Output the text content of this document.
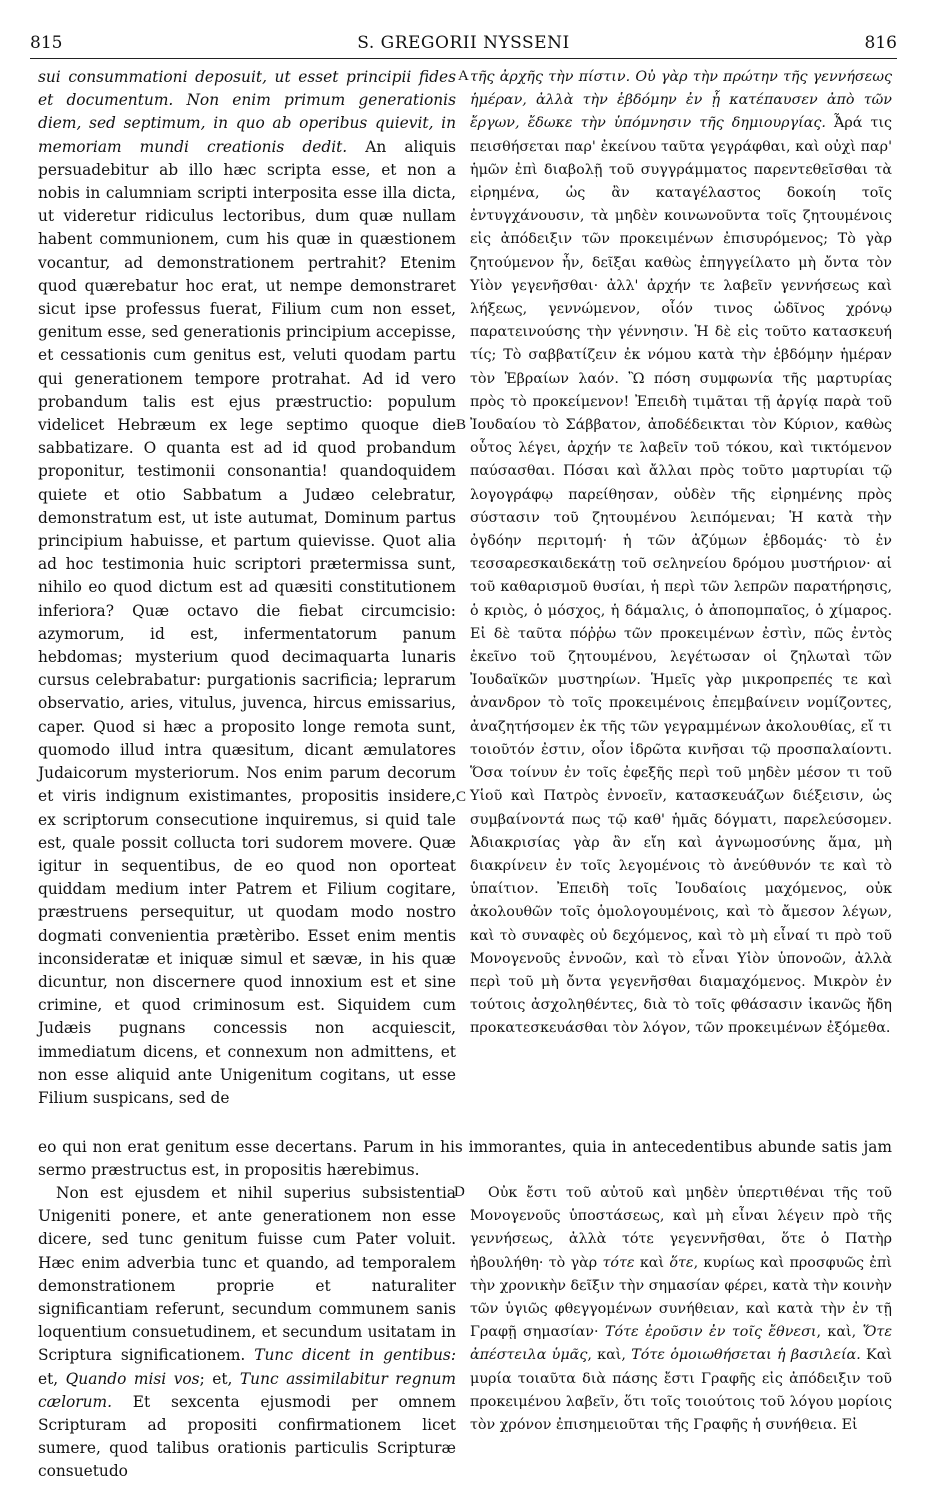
815	S. GREGORII NYSSENI	816
A
B
C
D

sui consummationi deposuit, ut esset principii fides et documentum. Non enim primum generationis diem, sed septimum, in quo ab operibus quievit, in memoriam mundi creationis dedit. An aliquis persuadebitur ab illo hæc scripta esse, et non a nobis in calumniam scripti interposita esse illa dicta, ut videretur ridiculus lectoribus, dum quæ nullam habent communionem, cum his quæ in quæstionem vocantur, ad demonstrationem pertrahit? Etenim quod quærebatur hoc erat, ut nempe demonstraret sicut ipse professus fuerat, Filium cum non esset, genitum esse, sed generationis principium accepisse, et cessationis cum genitus est, veluti quodam partu qui generationem tempore protrahat. Ad id vero probandum talis est ejus præstructio: populum videlicet Hebræum ex lege septimo quoque die sabbatizare. O quanta est ad id quod probandum proponitur, testimonii consonantia! quandoquidem quiete et otio Sabbatum a Judæo celebratur, demonstratum est, ut iste autumat, Dominum partus principium habuisse, et partum quievisse. Quot alia ad hoc testimonia huic scriptori prætermissa sunt, nihilo eo quod dictum est ad quæsiti constitutionem inferiora? Quæ octavo die fiebat circumcisio: azymorum, id est, infermentatorum panum hebdomas; mysterium quod decimaquarta lunaris cursus celebrabatur: purgationis sacrificia; leprarum observatio, aries, vitulus, juvenca, hircus emissarius, caper. Quod si hæc a proposito longe remota sunt, quomodo illud intra quæsitum, dicant æmulatores Judaicorum mysteriorum. Nos enim parum decorum et viris indignum existimantes, propositis insidere, ex scriptorum consecutione inquiremus, si quid tale est, quale possit collucta tori sudorem movere. Quæ igitur in sequentibus, de eo quod non oporteat quiddam medium inter Patrem et Filium cogitare, præstruens persequitur, ut quodam modo nostro dogmati convenientia prætèribo. Esset enim mentis inconsideratæ et iniquæ simul et sævæ, in his quæ dicuntur, non discernere quod innoxium est et sine crimine, et quod criminosum est. Siquidem cum Judæis pugnans concessis non acquiescit, immediatum dicens, et connexum non admittens, et non esse aliquid ante Unigenitum cogitans, ut esse Filium suspicans, sed de

τῆς ἀρχῆς τὴν πίστιν. Οὐ γὰρ τὴν πρώτην τῆς γεννήσεως ἡμέραν, ἀλλὰ τὴν ἑβδόμην ἐν ᾗ κατέπαυσεν ἀπὸ τῶν ἔργων, ἔδωκε τὴν ὑπόμνησιν τῆς δημιουργίας. Ἆρά τις πεισθήσεται παρ' ἐκείνου ταῦτα γεγράφθαι, καὶ οὐχὶ παρ' ἡμῶν ἐπὶ διαβολῇ τοῦ συγγράμματος παρεντεθεῖσθαι τὰ εἰρημένα, ὡς ἂν καταγέλαστος δοκοίη τοῖς ἐντυγχάνουσιν, τὰ μηδὲν κοινωνοῦντα τοῖς ζητουμένοις εἰς ἀπόδειξιν τῶν προκειμένων ἐπισυρόμενος; Τὸ γὰρ ζητούμενον ἦν, δεῖξαι καθὼς ἐπηγγείλατο μὴ ὄντα τὸν Υἱὸν γεγενῆσθαι· ἀλλ' ἀρχήν τε λαβεῖν γεννήσεως καὶ λήξεως, γεννώμενον, οἷόν τινος ὠδῖνος χρόνῳ παρατεινούσης τὴν γέννησιν. Ἡ δὲ εἰς τοῦτο κατασκευή τίς; Τὸ σαββατίζειν ἐκ νόμου κατὰ τὴν ἑβδόμην ἡμέραν τὸν Ἑβραίων λαόν. Ὢ πόση συμφωνία τῆς μαρτυρίας πρὸς τὸ προκείμενον! Ἐπειδὴ τιμᾶται τῇ ἀργίᾳ παρὰ τοῦ Ἰουδαίου τὸ Σάββατον, ἀποδέδεικται τὸν Κύριον, καθὼς οὗτος λέγει, ἀρχήν τε λαβεῖν τοῦ τόκου, καὶ τικτόμενον παύσασθαι. Πόσαι καὶ ἄλλαι πρὸς τοῦτο μαρτυρίαι τῷ λογογράφῳ παρείθησαν, οὐδὲν τῆς εἰρημένης πρὸς σύστασιν τοῦ ζητουμένου λειπόμεναι; Ἡ κατὰ τὴν ὀγδόην περιτομή· ἡ τῶν ἀζύμων ἑβδομάς· τὸ ἐν τεσσαρεσκαιδεκάτῃ τοῦ σεληνείου δρόμου μυστήριον· αἱ τοῦ καθαρισμοῦ θυσίαι, ἡ περὶ τῶν λεπρῶν παρατήρησις, ὁ κριὸς, ὁ μόσχος, ἡ δάμαλις, ὁ ἀποπομπαῖος, ὁ χίμαρος. Εἰ δὲ ταῦτα πόῤῥω τῶν προκειμένων ἐστὶν, πῶς ἐντὸς ἐκεῖνο τοῦ ζητουμένου, λεγέτωσαν οἱ ζηλωταὶ τῶν Ἰουδαϊκῶν μυστηρίων. Ἡμεῖς γὰρ μικροπρεπές τε καὶ ἀνανδρον τὸ τοῖς προκειμένοις ἐπεμβαίνειν νομίζοντες, ἀναζητήσομεν ἐκ τῆς τῶν γεγραμμένων ἀκολουθίας, εἴ τι τοιοῦτόν ἐστιν, οἷον ἱδρῶτα κινῆσαι τῷ προσπαλαίοντι. Ὅσα τοίνυν ἐν τοῖς ἐφεξῆς περὶ τοῦ μηδὲν μέσον τι τοῦ Υἱοῦ καὶ Πατρὸς ἐννοεῖν, κατασκευάζων διέξεισιν, ὡς συμβαίνοντά πως τῷ καθ' ἡμᾶς δόγματι, παρελεύσομεν. Ἀδιακρισίας γὰρ ἂν εἴη καὶ ἀγνωμοσύνης ἅμα, μὴ διακρίνειν ἐν τοῖς λεγομένοις τὸ ἀνεύθυνόν τε καὶ τὸ ὑπαίτιον. Ἐπειδὴ τοῖς Ἰουδαίοις μαχόμενος, οὐκ ἀκολουθῶν τοῖς ὁμολογουμένοις, καὶ τὸ ἄμεσον λέγων, καὶ τὸ συναφὲς οὐ δεχόμενος, καὶ τὸ μὴ εἶναί τι πρὸ τοῦ Μονογενοῦς ἐννοῶν, καὶ τὸ εἶναι Υἱὸν ὑπονοῶν, ἀλλὰ περὶ τοῦ μὴ ὄντα γεγενῆσθαι διαμαχόμενος. Μικρὸν ἐν τούτοις ἀσχοληθέντες, διὰ τὸ τοῖς φθάσασιν ἱκανῶς ἤδη προκατεσκευάσθαι τὸν λόγον, τῶν προκειμένων ἐξόμεθα.

eo qui non erat genitum esse decertans. Parum in his immorantes, quia in antecedentibus abunde satis jam sermo præstructus est, in propositis hærebimus.

Non est ejusdem et nihil superius subsistentia Unigeniti ponere, et ante generationem non esse dicere, sed tunc genitum fuisse cum Pater voluit. Hæc enim adverbia tunc et quando, ad temporalem demonstrationem proprie et naturaliter significantiam referunt, secundum communem sanis loquentium consuetudinem, et secundum usitatam in Scriptura significationem. Tunc dicent in gentibus: et, Quando misi vos; et, Tunc assimilabitur regnum cælorum. Et sexcenta ejusmodi per omnem Scripturam ad propositi confirmationem licet sumere, quod talibus orationis particulis Scripturæ consuetudo

Οὐκ ἔστι τοῦ αὐτοῦ καὶ μηδὲν ὑπερτιθέναι τῆς τοῦ Μονογενοῦς ὑποστάσεως, καὶ μὴ εἶναι λέγειν πρὸ τῆς γεννήσεως, ἀλλὰ τότε γεγεννῆσθαι, ὅτε ὁ Πατὴρ ἠβουλήθη· τὸ γὰρ τότε καὶ ὅτε, κυρίως καὶ προσφυῶς ἐπὶ τὴν χρονικὴν δεῖξιν τὴν σημασίαν φέρει, κατὰ τὴν κοινὴν τῶν ὑγιῶς φθεγγομένων συνήθειαν, καὶ κατὰ τὴν ἐν τῇ Γραφῇ σημασίαν· Τότε ἐροῦσιν ἐν τοῖς ἔθνεσι, καὶ, Ὅτε ἀπέστειλα ὑμᾶς, καὶ, Τότε ὁμοιωθήσεται ἡ βασιλεία. Καὶ μυρία τοιαῦτα διὰ πάσης ἔστι Γραφῆς εἰς ἀπόδειξιν τοῦ προκειμένου λαβεῖν, ὅτι τοῖς τοιούτοις τοῦ λόγου μορίοις τὸν χρόνον ἐπισημειοῦται τῆς Γραφῆς ἡ συνήθεια. Εἰ
